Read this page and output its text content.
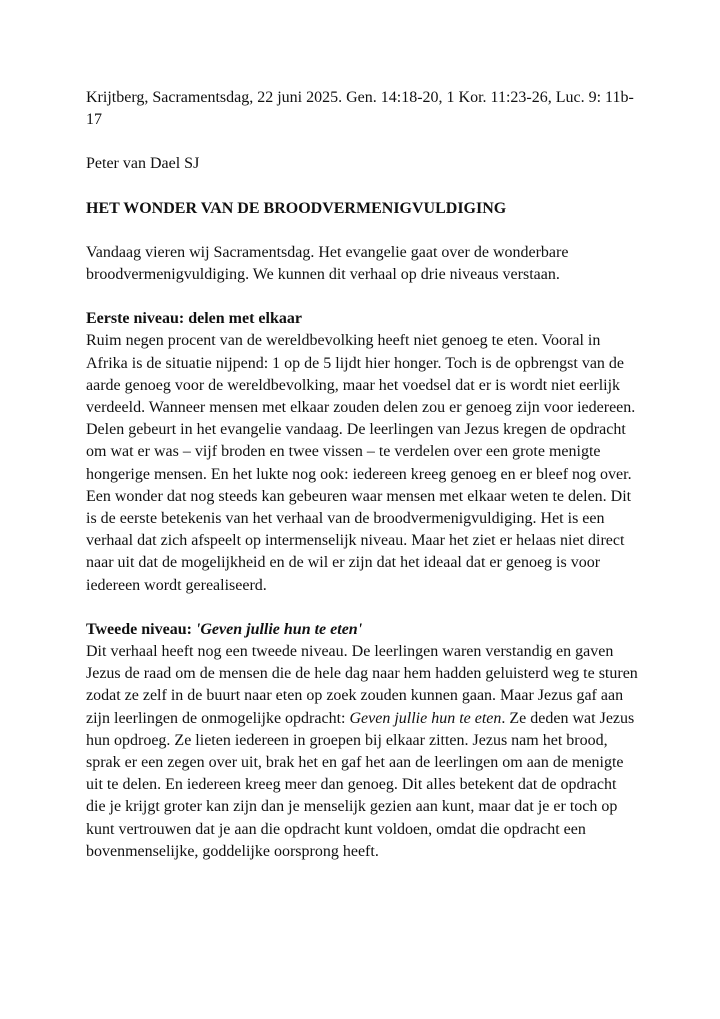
Krijtberg, Sacramentsdag, 22 juni 2025. Gen. 14:18-20, 1 Kor. 11:23-26, Luc. 9: 11b-17

Peter van Dael SJ

HET WONDER VAN DE BROODVERMENIGVULDIGING

Vandaag vieren wij Sacramentsdag. Het evangelie gaat over de wonderbare broodvermenigvuldiging. We kunnen dit verhaal op drie niveaus verstaan.

Eerste niveau: delen met elkaar

Ruim negen procent van de wereldbevolking heeft niet genoeg te eten. Vooral in Afrika is de situatie nijpend: 1 op de 5 lijdt hier honger. Toch is de opbrengst van de aarde genoeg voor de wereldbevolking, maar het voedsel dat er is wordt niet eerlijk verdeeld. Wanneer mensen met elkaar zouden delen zou er genoeg zijn voor iedereen. Delen gebeurt in het evangelie vandaag. De leerlingen van Jezus kregen de opdracht om wat er was – vijf broden en twee vissen – te verdelen over een grote menigte hongerige mensen. En het lukte nog ook: iedereen kreeg genoeg en er bleef nog over. Een wonder dat nog steeds kan gebeuren waar mensen met elkaar weten te delen. Dit is de eerste betekenis van het verhaal van de broodvermenigvuldiging. Het is een verhaal dat zich afspeelt op intermenselijk niveau. Maar het ziet er helaas niet direct naar uit dat de mogelijkheid en de wil er zijn dat het ideaal dat er genoeg is voor iedereen wordt gerealiseerd.

Tweede niveau: 'Geven jullie hun te eten'

Dit verhaal heeft nog een tweede niveau. De leerlingen waren verstandig en gaven Jezus de raad om de mensen die de hele dag naar hem hadden geluisterd weg te sturen zodat ze zelf in de buurt naar eten op zoek zouden kunnen gaan. Maar Jezus gaf aan zijn leerlingen de onmogelijke opdracht: Geven jullie hun te eten. Ze deden wat Jezus hun opdroeg. Ze lieten iedereen in groepen bij elkaar zitten. Jezus nam het brood, sprak er een zegen over uit, brak het en gaf het aan de leerlingen om aan de menigte uit te delen. En iedereen kreeg meer dan genoeg. Dit alles betekent dat de opdracht die je krijgt groter kan zijn dan je menselijk gezien aan kunt, maar dat je er toch op kunt vertrouwen dat je aan die opdracht kunt voldoen, omdat die opdracht een bovenmenselijke, goddelijke oorsprong heeft.
